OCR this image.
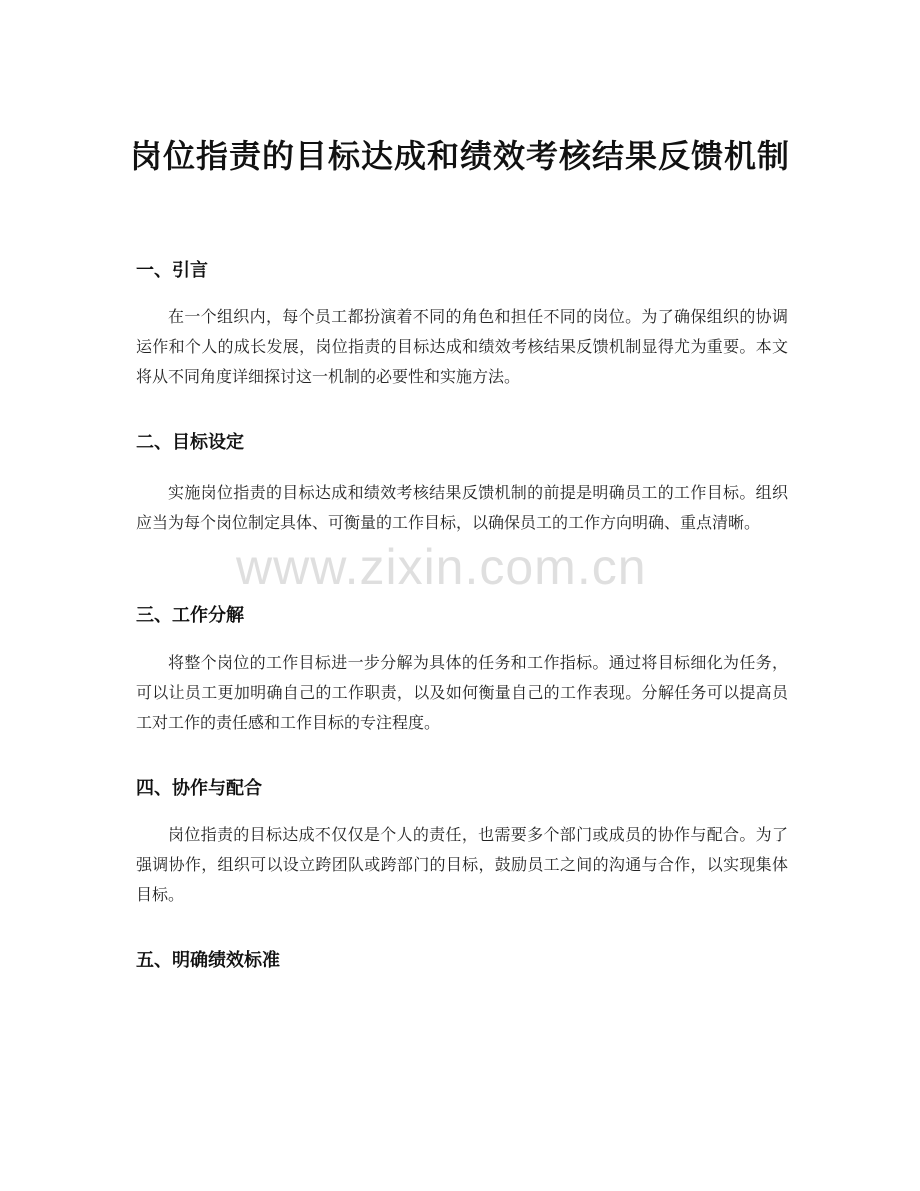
岗位指责的目标达成和绩效考核结果反馈机制
一、引言

在一个组织内，每个员工都扮演着不同的角色和担任不同的岗位。为了确保组织的协调运作和个人的成长发展，岗位指责的目标达成和绩效考核结果反馈机制显得尤为重要。本文将从不同角度详细探讨这一机制的必要性和实施方法。

二、目标设定

实施岗位指责的目标达成和绩效考核结果反馈机制的前提是明确员工的工作目标。组织应当为每个岗位制定具体、可衡量的工作目标，以确保员工的工作方向明确、重点清晰。

三、工作分解

将整个岗位的工作目标进一步分解为具体的任务和工作指标。通过将目标细化为任务，可以让员工更加明确自己的工作职责，以及如何衡量自己的工作表现。分解任务可以提高员工对工作的责任感和工作目标的专注程度。

四、协作与配合

岗位指责的目标达成不仅仅是个人的责任，也需要多个部门或成员的协作与配合。为了强调协作，组织可以设立跨团队或跨部门的目标，鼓励员工之间的沟通与合作，以实现集体目标。

五、明确绩效标准
www.zixin.com.cn
